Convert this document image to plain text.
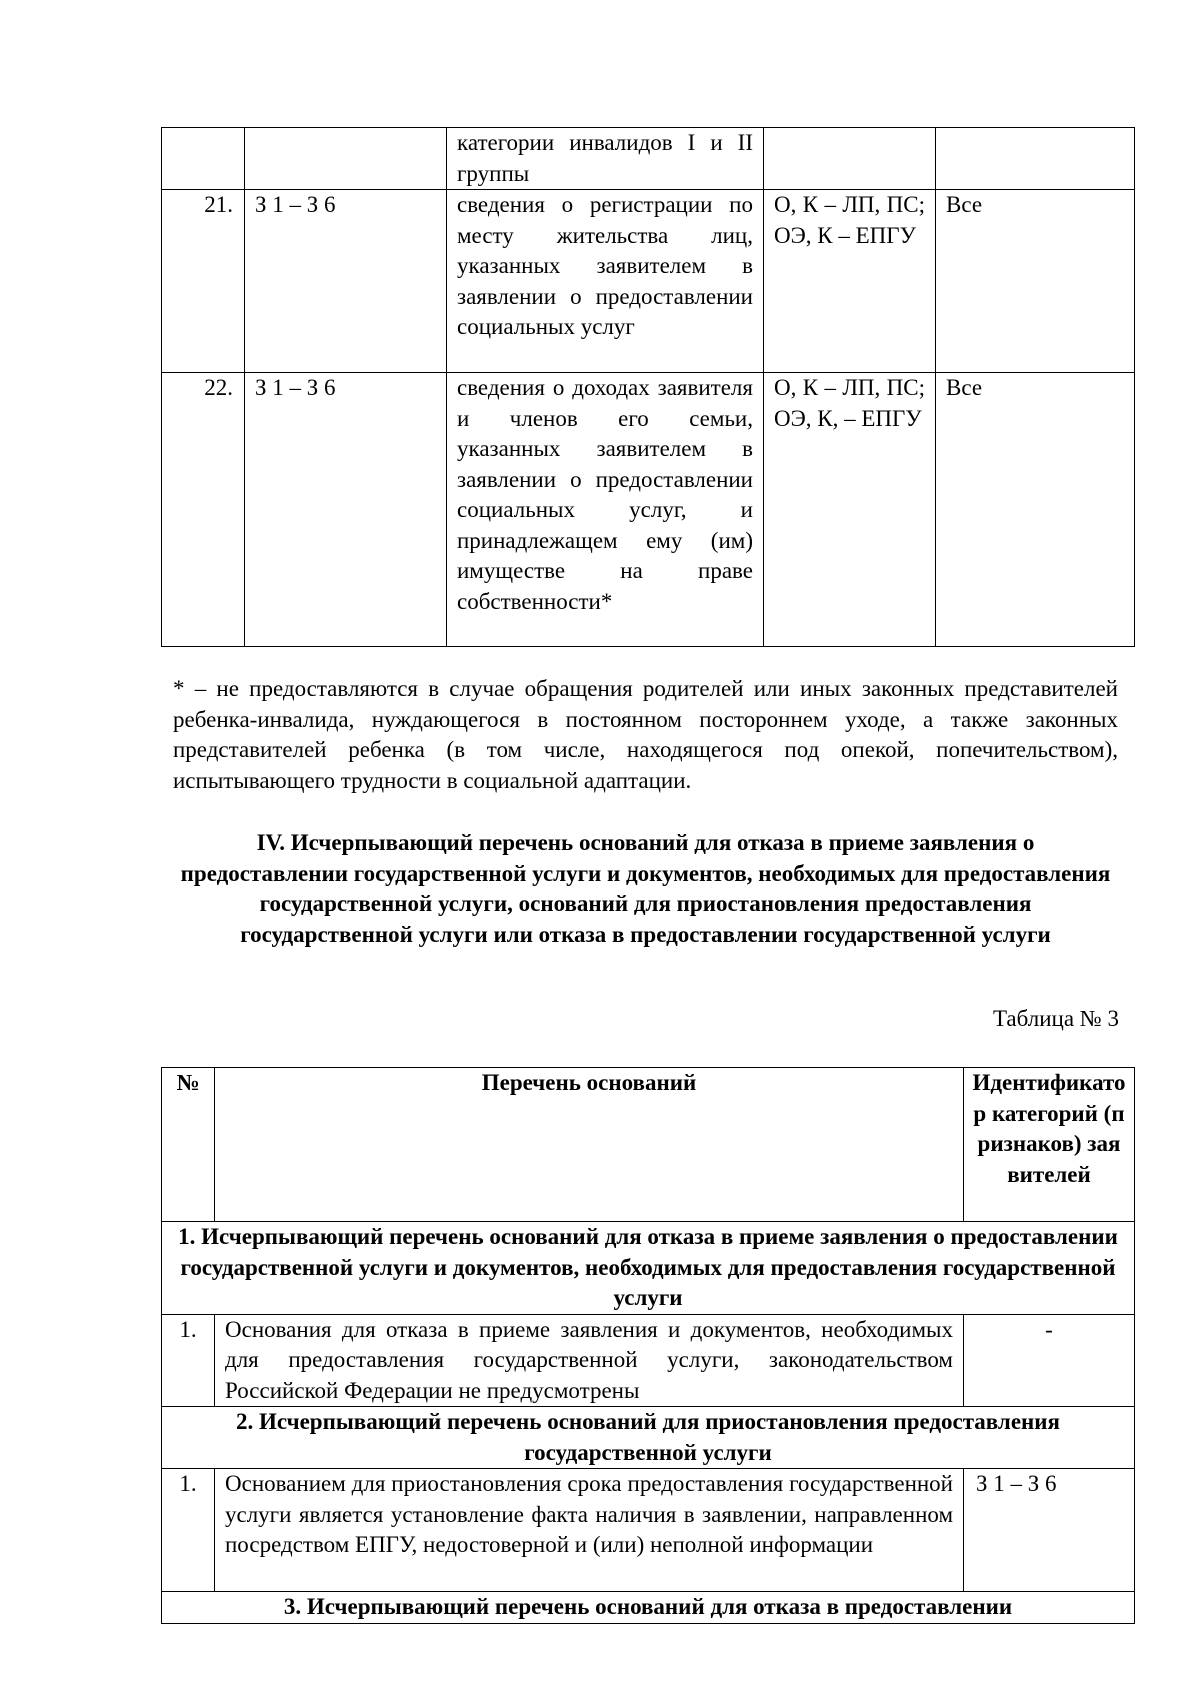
		категории инвалидов I и II группы		
21.	З 1 – З 6	сведения о регистрации по месту жительства лиц, указанных заявителем в заявлении о предоставлении социальных услуг	О, К – ЛП, ПС; ОЭ, К – ЕПГУ	Все
22.	З 1 – З 6	сведения о доходах заявителя и членов его семьи, указанных заявителем в заявлении о предоставлении социальных услуг, и принадлежащем ему (им) имуществе на праве собственности*	О, К – ЛП, ПС; ОЭ, К, – ЕПГУ	Все

* – не предоставляются в случае обращения родителей или иных законных представителей ребенка-инвалида, нуждающегося в постоянном постороннем уходе, а также законных представителей ребенка (в том числе, находящегося под опекой, попечительством), испытывающего трудности в социальной адаптации.

IV. Исчерпывающий перечень оснований для отказа в приеме заявления о предоставлении государственной услуги и документов, необходимых для предоставления государственной услуги, оснований для приостановления предоставления государственной услуги или отказа в предоставлении государственной услуги

Таблица № 3

№	Перечень оснований	Идентификатор категорий (признаков) заявителей
1. Исчерпывающий перечень оснований для отказа в приеме заявления о предоставлении государственной услуги и документов, необходимых для предоставления государственной услуги		
1.	Основания для отказа в приеме заявления и документов, необходимых для предоставления государственной услуги, законодательством Российской Федерации не предусмотрены	-
2. Исчерпывающий перечень оснований для приостановления предоставления государственной услуги		
1.	Основанием для приостановления срока предоставления государственной услуги является установление факта наличия в заявлении, направленном посредством ЕПГУ, недостоверной и (или) неполной информации	З 1 – З 6
3. Исчерпывающий перечень оснований для отказа в предоставлении		
